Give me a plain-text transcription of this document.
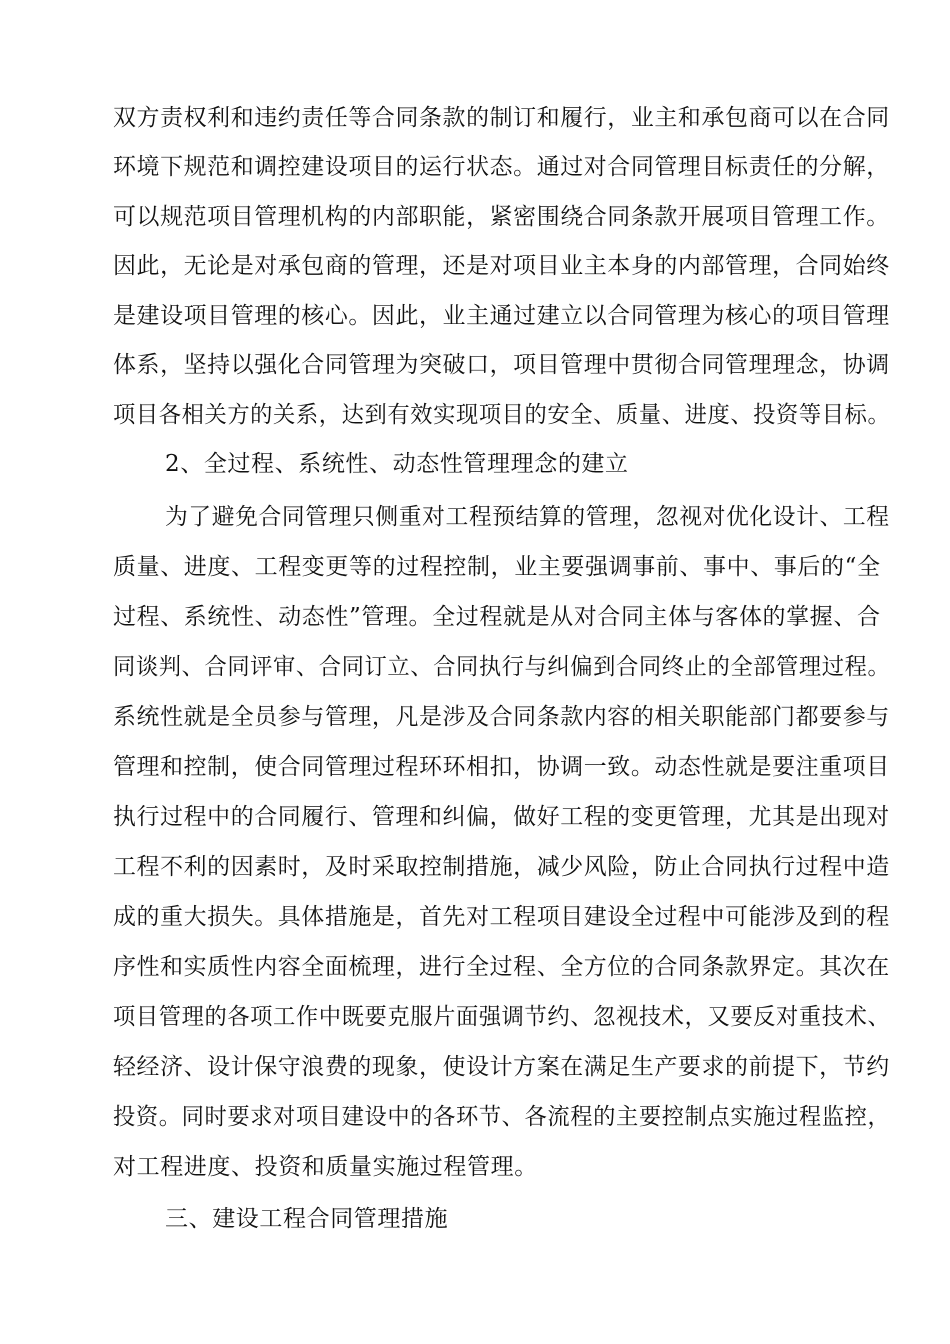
双方责权利和违约责任等合同条款的制订和履行，业主和承包商可以在合同
环境下规范和调控建设项目的运行状态。通过对合同管理目标责任的分解，
可以规范项目管理机构的内部职能，紧密围绕合同条款开展项目管理工作。
因此，无论是对承包商的管理，还是对项目业主本身的内部管理，合同始终
是建设项目管理的核心。因此，业主通过建立以合同管理为核心的项目管理
体系，坚持以强化合同管理为突破口，项目管理中贯彻合同管理理念，协调
项目各相关方的关系，达到有效实现项目的安全、质量、进度、投资等目标。
2、全过程、系统性、动态性管理理念的建立
为了避免合同管理只侧重对工程预结算的管理，忽视对优化设计、工程
质量、进度、工程变更等的过程控制，业主要强调事前、事中、事后的“全
过程、系统性、动态性”管理。全过程就是从对合同主体与客体的掌握、合
同谈判、合同评审、合同订立、合同执行与纠偏到合同终止的全部管理过程。
系统性就是全员参与管理，凡是涉及合同条款内容的相关职能部门都要参与
管理和控制，使合同管理过程环环相扣，协调一致。动态性就是要注重项目
执行过程中的合同履行、管理和纠偏，做好工程的变更管理，尤其是出现对
工程不利的因素时，及时采取控制措施，减少风险，防止合同执行过程中造
成的重大损失。具体措施是，首先对工程项目建设全过程中可能涉及到的程
序性和实质性内容全面梳理，进行全过程、全方位的合同条款界定。其次在
项目管理的各项工作中既要克服片面强调节约、忽视技术，又要反对重技术、
轻经济、设计保守浪费的现象，使设计方案在满足生产要求的前提下，节约
投资。同时要求对项目建设中的各环节、各流程的主要控制点实施过程监控，
对工程进度、投资和质量实施过程管理。
三、建设工程合同管理措施
